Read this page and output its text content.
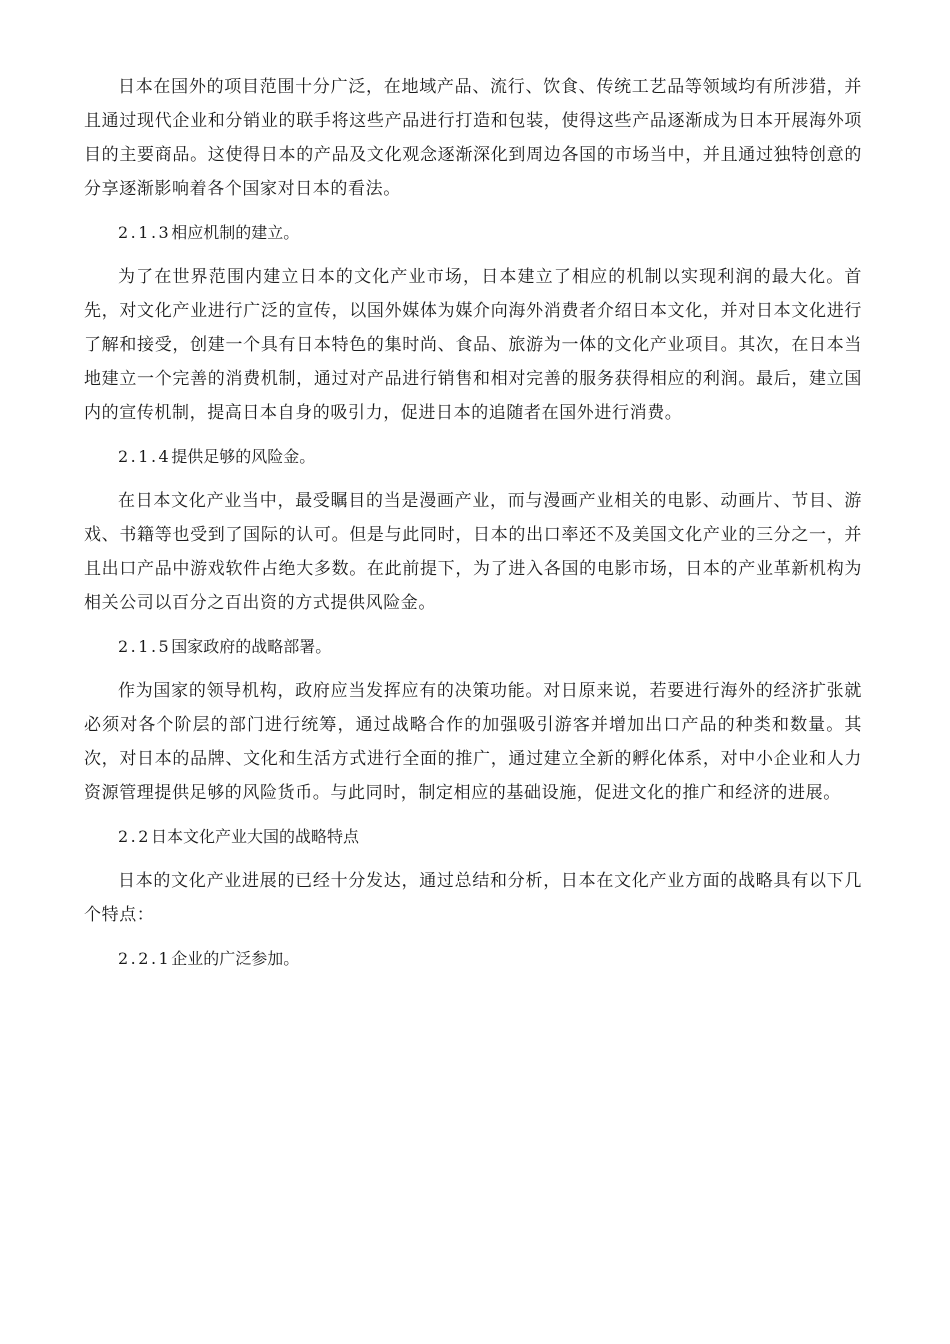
日本在国外的项目范围十分广泛，在地域产品、流行、饮食、传统工艺品等领域均有所涉猎，并且通过现代企业和分销业的联手将这些产品进行打造和包装，使得这些产品逐渐成为日本开展海外项目的主要商品。这使得日本的产品及文化观念逐渐深化到周边各国的市场当中，并且通过独特创意的分享逐渐影响着各个国家对日本的看法。

2.1.3相应机制的建立。

为了在世界范围内建立日本的文化产业市场，日本建立了相应的机制以实现利润的最大化。首先，对文化产业进行广泛的宣传，以国外媒体为媒介向海外消费者介绍日本文化，并对日本文化进行了解和接受，创建一个具有日本特色的集时尚、食品、旅游为一体的文化产业项目。其次，在日本当地建立一个完善的消费机制，通过对产品进行销售和相对完善的服务获得相应的利润。最后，建立国内的宣传机制，提高日本自身的吸引力，促进日本的追随者在国外进行消费。

2.1.4提供足够的风险金。

在日本文化产业当中，最受瞩目的当是漫画产业，而与漫画产业相关的电影、动画片、节目、游戏、书籍等也受到了国际的认可。但是与此同时，日本的出口率还不及美国文化产业的三分之一，并且出口产品中游戏软件占绝大多数。在此前提下，为了进入各国的电影市场，日本的产业革新机构为相关公司以百分之百出资的方式提供风险金。

2.1.5国家政府的战略部署。

作为国家的领导机构，政府应当发挥应有的决策功能。对日原来说，若要进行海外的经济扩张就必须对各个阶层的部门进行统筹，通过战略合作的加强吸引游客并增加出口产品的种类和数量。其次，对日本的品牌、文化和生活方式进行全面的推广，通过建立全新的孵化体系，对中小企业和人力资源管理提供足够的风险货币。与此同时，制定相应的基础设施，促进文化的推广和经济的进展。

2.2日本文化产业大国的战略特点

日本的文化产业进展的已经十分发达，通过总结和分析，日本在文化产业方面的战略具有以下几个特点：

2.2.1企业的广泛参加。
